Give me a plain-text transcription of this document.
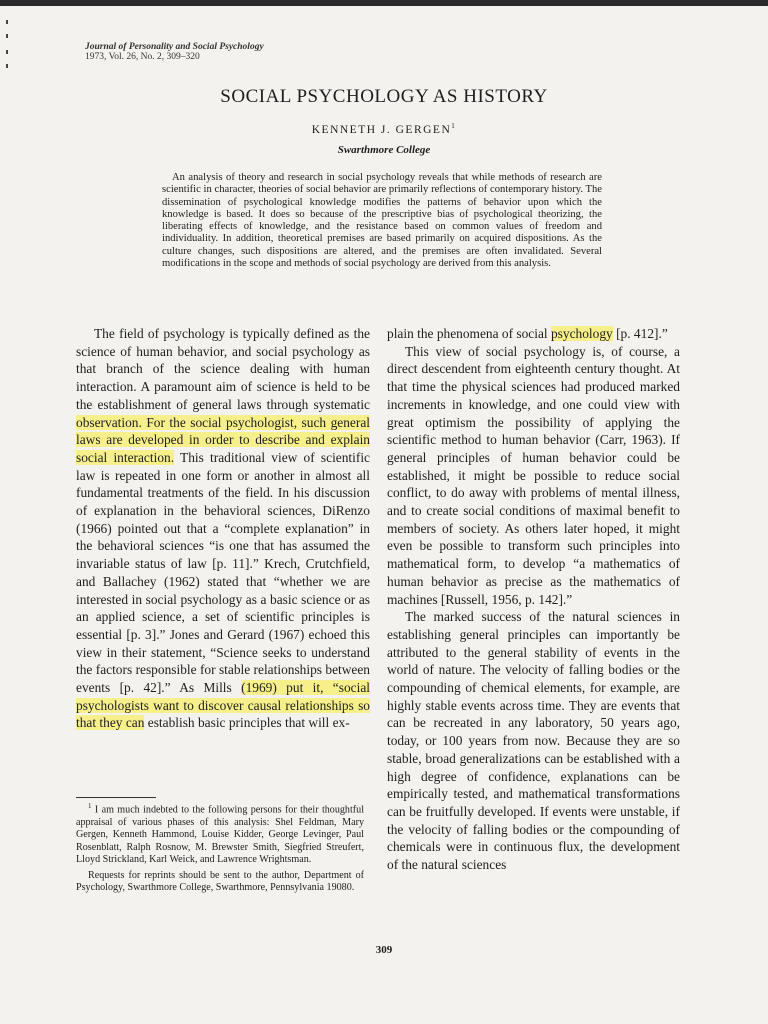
Journal of Personality and Social Psychology
1973, Vol. 26, No. 2, 309–320
SOCIAL PSYCHOLOGY AS HISTORY
KENNETH J. GERGEN$^1$
Swarthmore College

An analysis of theory and research in social psychology reveals that while methods of research are scientific in character, theories of social behavior are primarily reflections of contemporary history. The dissemination of psychological knowledge modifies the patterns of behavior upon which the knowledge is based. It does so because of the prescriptive bias of psychological theorizing, the liberating effects of knowledge, and the resistance based on common values of freedom and individuality. In addition, theoretical premises are based primarily on acquired dispositions. As the culture changes, such dispositions are altered, and the premises are often invalidated. Several modifications in the scope and methods of social psychology are derived from this analysis.

The field of psychology is typically defined as the science of human behavior, and social psychology as that branch of the science dealing with human interaction. A paramount aim of science is held to be the establishment of general laws through systematic observation. For the social psychologist, such general laws are developed in order to describe and explain social interaction. This traditional view of scientific law is repeated in one form or another in almost all fundamental treatments of the field. In his discussion of explanation in the behavioral sciences, DiRenzo (1966) pointed out that a “complete explanation” in the behavioral sciences “is one that has assumed the invariable status of law [p. 11].” Krech, Crutchfield, and Ballachey (1962) stated that “whether we are interested in social psychology as a basic science or as an applied science, a set of scientific principles is essential [p. 3].” Jones and Gerard (1967) echoed this view in their statement, “Science seeks to understand the factors responsible for stable relationships between events [p. 42].” As Mills (1969) put it, “social psychologists want to discover causal relationships so that they can establish basic principles that will ex-

$^1$ I am much indebted to the following persons for their thoughtful appraisal of various phases of this analysis: Shel Feldman, Mary Gergen, Kenneth Hammond, Louise Kidder, George Levinger, Paul Rosenblatt, Ralph Rosnow, M. Brewster Smith, Siegfried Streufert, Lloyd Strickland, Karl Weick, and Lawrence Wrightsman.

Requests for reprints should be sent to the author, Department of Psychology, Swarthmore College, Swarthmore, Pennsylvania 19080.

plain the phenomena of social psychology [p. 412].”

This view of social psychology is, of course, a direct descendent from eighteenth century thought. At that time the physical sciences had produced marked increments in knowledge, and one could view with great optimism the possibility of applying the scientific method to human behavior (Carr, 1963). If general principles of human behavior could be established, it might be possible to reduce social conflict, to do away with problems of mental illness, and to create social conditions of maximal benefit to members of society. As others later hoped, it might even be possible to transform such principles into mathematical form, to develop “a mathematics of human behavior as precise as the mathematics of machines [Russell, 1956, p. 142].”

The marked success of the natural sciences in establishing general principles can importantly be attributed to the general stability of events in the world of nature. The velocity of falling bodies or the compounding of chemical elements, for example, are highly stable events across time. They are events that can be recreated in any laboratory, 50 years ago, today, or 100 years from now. Because they are so stable, broad generalizations can be established with a high degree of confidence, explanations can be empirically tested, and mathematical transformations can be fruitfully developed. If events were unstable, if the velocity of falling bodies or the compounding of chemicals were in continuous flux, the development of the natural sciences

309
